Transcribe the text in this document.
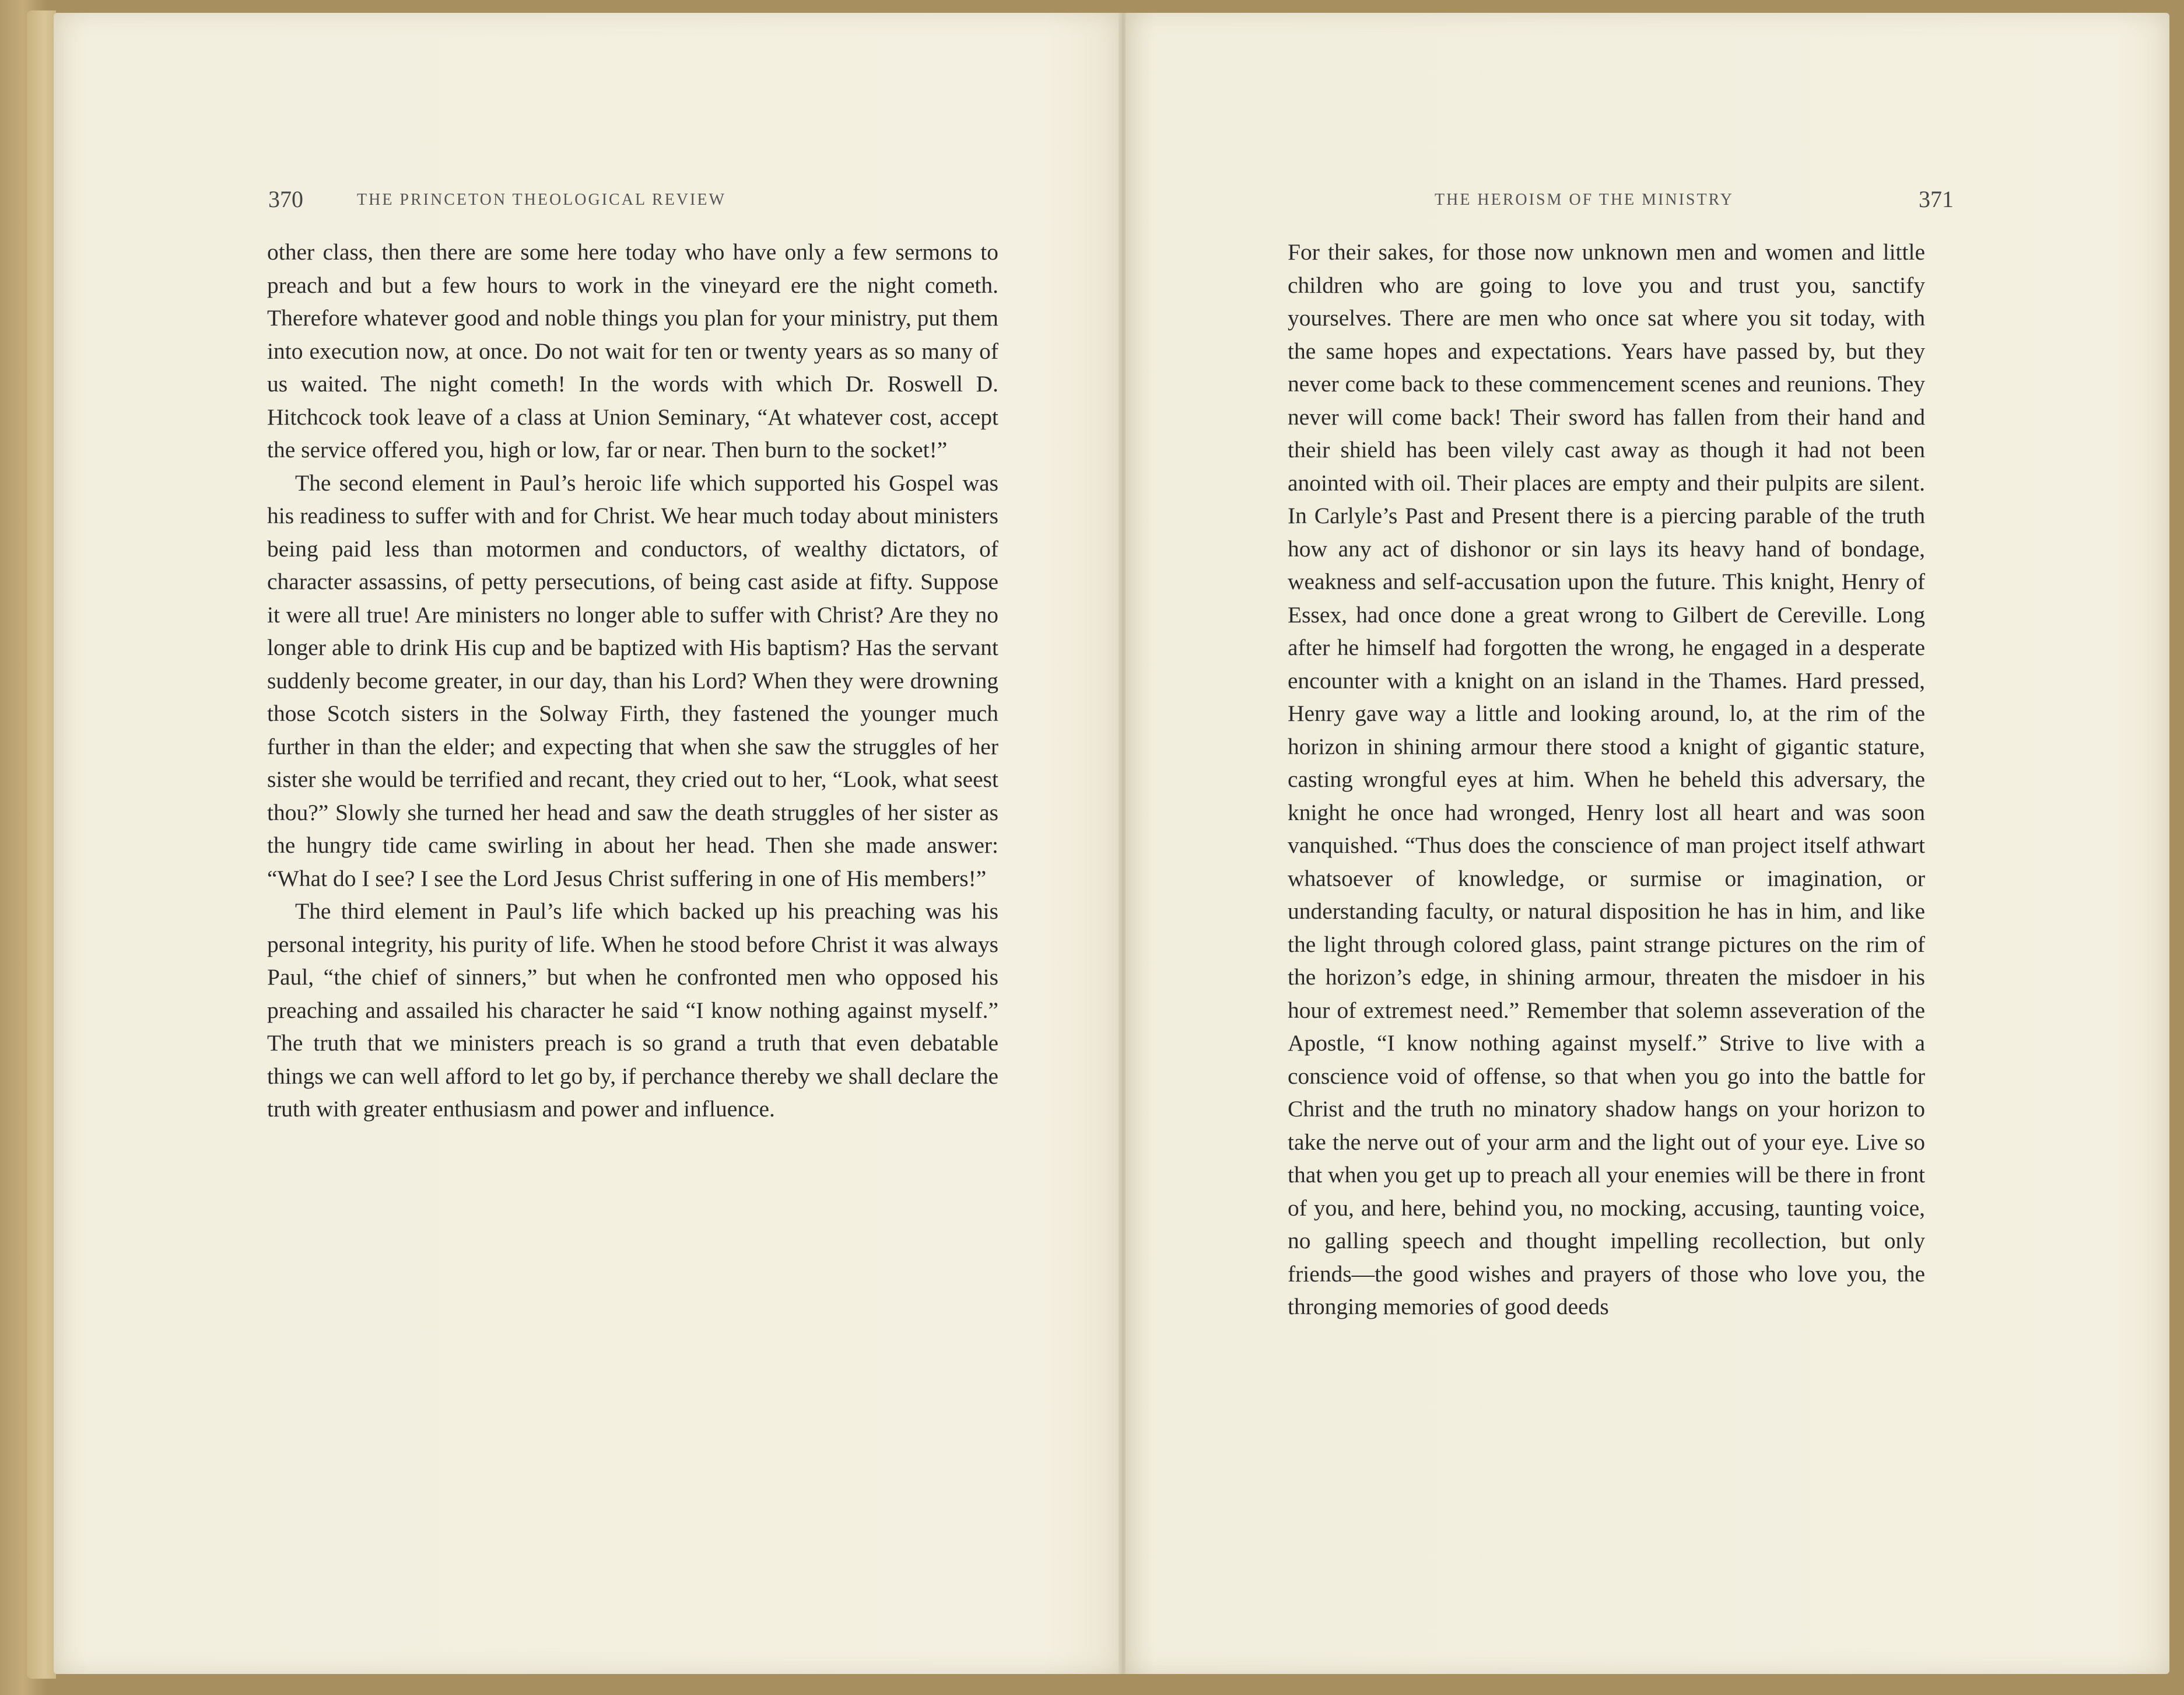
370	THE PRINCETON THEOLOGICAL REVIEW

other class, then there are some here today who have only a few sermons to preach and but a few hours to work in the vineyard ere the night cometh. Therefore whatever good and noble things you plan for your ministry, put them into execution now, at once. Do not wait for ten or twenty years as so many of us waited. The night cometh! In the words with which Dr. Roswell D. Hitchcock took leave of a class at Union Seminary, “At whatever cost, accept the service offered you, high or low, far or near. Then burn to the socket!”

The second element in Paul’s heroic life which supported his Gospel was his readiness to suffer with and for Christ. We hear much today about ministers being paid less than motormen and conductors, of wealthy dictators, of character assassins, of petty persecutions, of being cast aside at fifty. Suppose it were all true! Are ministers no longer able to suffer with Christ? Are they no longer able to drink His cup and be baptized with His baptism? Has the servant suddenly become greater, in our day, than his Lord? When they were drowning those Scotch sisters in the Solway Firth, they fastened the younger much further in than the elder; and expecting that when she saw the struggles of her sister she would be terrified and recant, they cried out to her, “Look, what seest thou?” Slowly she turned her head and saw the death struggles of her sister as the hungry tide came swirling in about her head. Then she made answer: “What do I see? I see the Lord Jesus Christ suffering in one of His members!”

The third element in Paul’s life which backed up his preaching was his personal integrity, his purity of life. When he stood before Christ it was always Paul, “the chief of sinners,” but when he confronted men who opposed his preaching and assailed his character he said “I know nothing against myself.” The truth that we ministers preach is so grand a truth that even debatable things we can well afford to let go by, if perchance thereby we shall declare the truth with greater enthusiasm and power and influence.

THE HEROISM OF THE MINISTRY	371

For their sakes, for those now unknown men and women and little children who are going to love you and trust you, sanctify yourselves. There are men who once sat where you sit today, with the same hopes and expectations. Years have passed by, but they never come back to these commencement scenes and reunions. They never will come back! Their sword has fallen from their hand and their shield has been vilely cast away as though it had not been anointed with oil. Their places are empty and their pulpits are silent. In Carlyle’s Past and Present there is a piercing parable of the truth how any act of dishonor or sin lays its heavy hand of bondage, weakness and self-accusation upon the future. This knight, Henry of Essex, had once done a great wrong to Gilbert de Cereville. Long after he himself had forgotten the wrong, he engaged in a desperate encounter with a knight on an island in the Thames. Hard pressed, Henry gave way a little and looking around, lo, at the rim of the horizon in shining armour there stood a knight of gigantic stature, casting wrongful eyes at him. When he beheld this adversary, the knight he once had wronged, Henry lost all heart and was soon vanquished. “Thus does the conscience of man project itself athwart whatsoever of knowledge, or surmise or imagination, or understanding faculty, or natural disposition he has in him, and like the light through colored glass, paint strange pictures on the rim of the horizon’s edge, in shining armour, threaten the misdoer in his hour of extremest need.” Remember that solemn asseveration of the Apostle, “I know nothing against myself.” Strive to live with a conscience void of offense, so that when you go into the battle for Christ and the truth no minatory shadow hangs on your horizon to take the nerve out of your arm and the light out of your eye. Live so that when you get up to preach all your enemies will be there in front of you, and here, behind you, no mocking, accusing, taunting voice, no galling speech and thought impelling recollection, but only friends—the good wishes and prayers of those who love you, the thronging memories of good deeds
